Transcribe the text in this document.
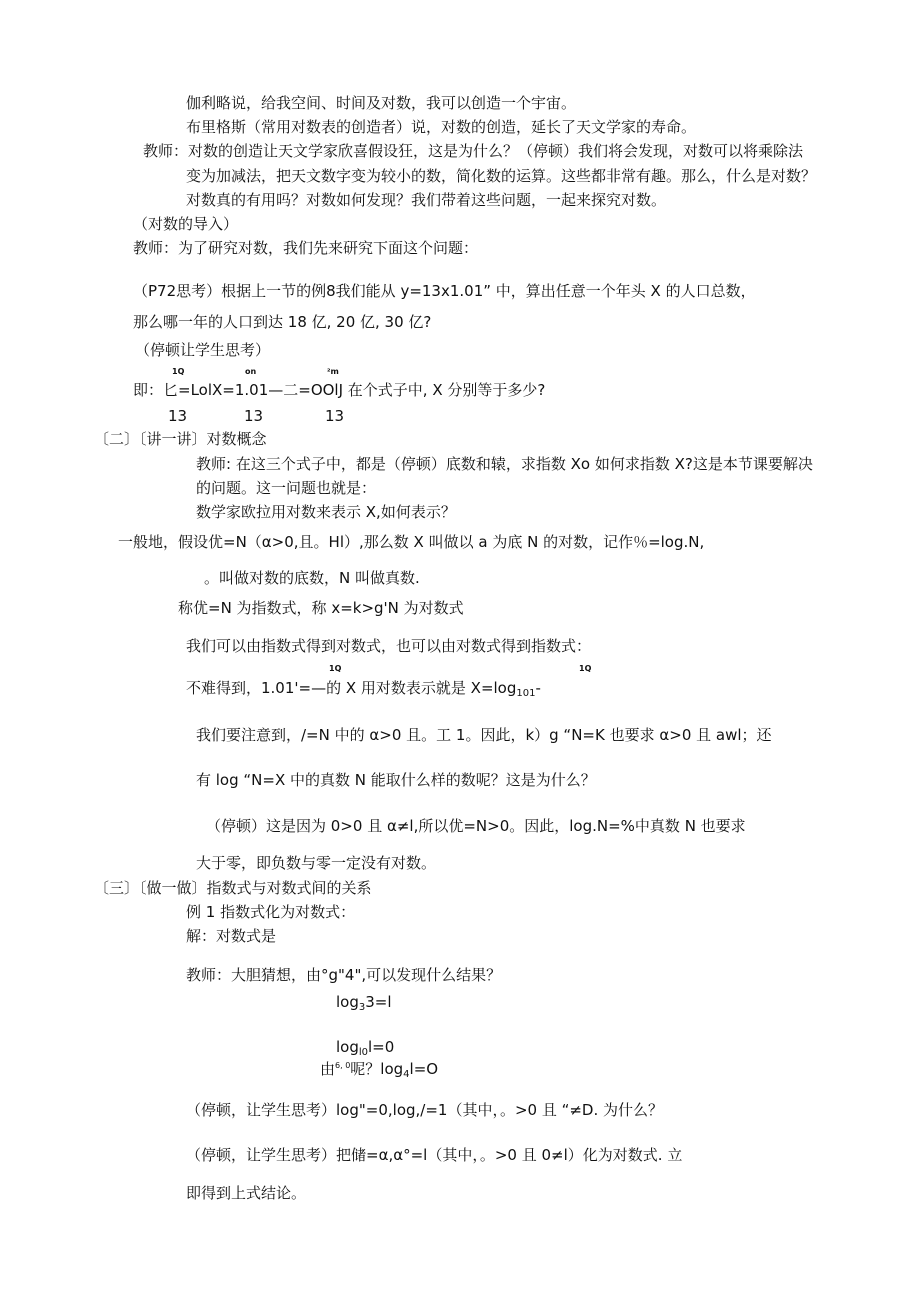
伽利略说，给我空间、时间及对数，我可以创造一个宇宙。
布里格斯（常用对数表的创造者）说，对数的创造，延长了天文学家的寿命。
教师：对数的创造让天文学家欣喜假设狂，这是为什么？（停顿）我们将会发现，对数可以将乘除法
变为加减法，把天文数字变为较小的数，简化数的运算。这些都非常有趣。那么，什么是对数？
对数真的有用吗？对数如何发现？我们带着这些问题，一起来探究对数。
（对数的导入）
教师：为了研究对数，我们先来研究下面这个问题：
（P72思考）根据上一节的例8我们能从 y=13x1.01” 中，算出任意一个年头 X 的人口总数，
那么哪一年的人口到达 18 亿, 20 亿, 30 亿?
（停顿让学生思考）
1Q	on	²m
即：匕=LolX=1.01—二=OOlJ 在个式子中, X 分别等于多少?
13	13	13
〔二〕〔讲一讲〕对数概念
教师: 在这三个式子中，都是（停顿）底数和辕，求指数 Xo 如何求指数 X?这是本节课要解决
的问题。这一问题也就是：
数学家欧拉用对数来表示 X,如何表示？
一般地，假设优=N（α>0,且。Hl）,那么数 X 叫做以 a 为底 N 的对数，记作％=log.N,
。叫做对数的底数，N 叫做真数.
称优=N 为指数式，称 x=k>g'N 为对数式
我们可以由指数式得到对数式，也可以由对数式得到指数式：
1Q	1Q
不难得到，1.01'=—的 X 用对数表示就是 $X=\log_{101}-$
我们要注意到，/=N 中的 α>0 且。工 1。因此，k）g “N=K 也要求 α>0 且 awl；还
有 log “N=X 中的真数 N 能取什么样的数呢？这是为什么？
（停顿）这是因为 0>0 且 α≠l,所以优=N>0。因此，log.N=%中真数 N 也要求
大于零，即负数与零一定没有对数。
〔三〕〔做一做〕指数式与对数式间的关系
例 1 指数式化为对数式：
解：对数式是
教师：大胆猜想，由°g"4",可以发现什么结果？
$\log_33=l$
$\log_{l0}l=0$
由$^{6, 0}$呢？$\log_4l=O$
（停顿，让学生思考）log"=0,log,/=1（其中，。>0 且 “≠D. 为什么？
（停顿，让学生思考）把储=α,α°=l（其中，。>0 且 0≠l）化为对数式. 立
即得到上式结论。
